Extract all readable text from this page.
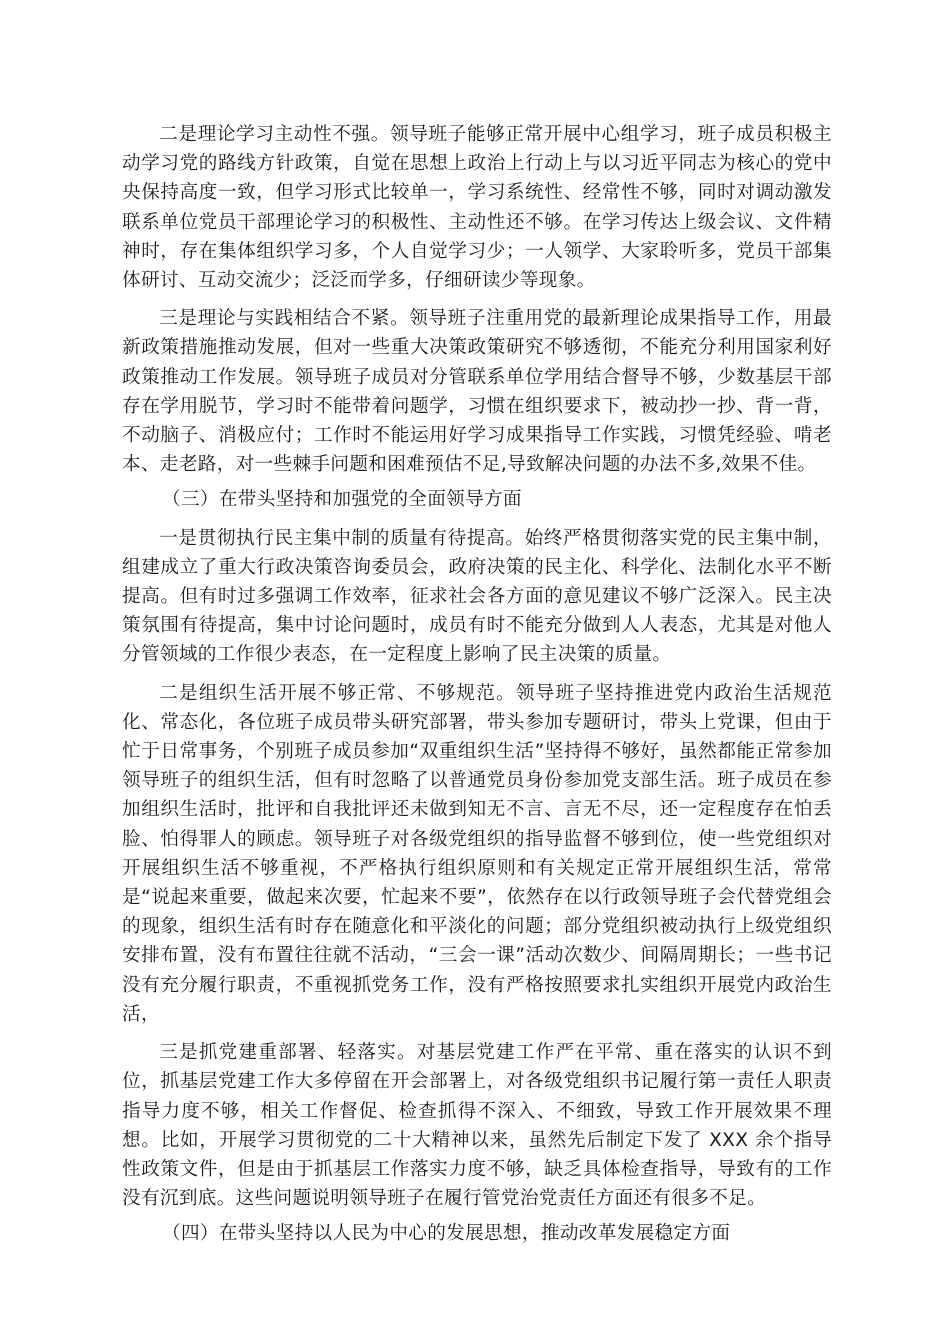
二是理论学习主动性不强。领导班子能够正常开展中心组学习，班子成员积极主动学习党的路线方针政策，自觉在思想上政治上行动上与以习近平同志为核心的党中央保持高度一致，但学习形式比较单一，学习系统性、经常性不够，同时对调动激发联系单位党员干部理论学习的积极性、主动性还不够。在学习传达上级会议、文件精神时，存在集体组织学习多，个人自觉学习少；一人领学、大家聆听多，党员干部集体研讨、互动交流少；泛泛而学多，仔细研读少等现象。

三是理论与实践相结合不紧。领导班子注重用党的最新理论成果指导工作，用最新政策措施推动发展，但对一些重大决策政策研究不够透彻，不能充分利用国家利好政策推动工作发展。领导班子成员对分管联系单位学用结合督导不够，少数基层干部存在学用脱节，学习时不能带着问题学，习惯在组织要求下，被动抄一抄、背一背，不动脑子、消极应付；工作时不能运用好学习成果指导工作实践，习惯凭经验、啃老本、走老路，对一些棘手问题和困难预估不足,导致解决问题的办法不多,效果不佳。

（三）在带头坚持和加强党的全面领导方面

一是贯彻执行民主集中制的质量有待提高。始终严格贯彻落实党的民主集中制，组建成立了重大行政决策咨询委员会，政府决策的民主化、科学化、法制化水平不断提高。但有时过多强调工作效率，征求社会各方面的意见建议不够广泛深入。民主决策氛围有待提高，集中讨论问题时，成员有时不能充分做到人人表态，尤其是对他人分管领域的工作很少表态，在一定程度上影响了民主决策的质量。

二是组织生活开展不够正常、不够规范。领导班子坚持推进党内政治生活规范化、常态化，各位班子成员带头研究部署，带头参加专题研讨，带头上党课，但由于忙于日常事务，个别班子成员参加“双重组织生活”坚持得不够好，虽然都能正常参加领导班子的组织生活，但有时忽略了以普通党员身份参加党支部生活。班子成员在参加组织生活时，批评和自我批评还未做到知无不言、言无不尽，还一定程度存在怕丢脸、怕得罪人的顾虑。领导班子对各级党组织的指导监督不够到位，使一些党组织对开展组织生活不够重视，不严格执行组织原则和有关规定正常开展组织生活，常常是“说起来重要，做起来次要，忙起来不要”，依然存在以行政领导班子会代替党组会的现象，组织生活有时存在随意化和平淡化的问题；部分党组织被动执行上级党组织安排布置，没有布置往往就不活动，“三会一课”活动次数少、间隔周期长；一些书记没有充分履行职责，不重视抓党务工作，没有严格按照要求扎实组织开展党内政治生活，

三是抓党建重部署、轻落实。对基层党建工作严在平常、重在落实的认识不到位，抓基层党建工作大多停留在开会部署上，对各级党组织书记履行第一责任人职责指导力度不够，相关工作督促、检查抓得不深入、不细致，导致工作开展效果不理想。比如，开展学习贯彻党的二十大精神以来，虽然先后制定下发了 XXX 余个指导性政策文件，但是由于抓基层工作落实力度不够，缺乏具体检查指导，导致有的工作没有沉到底。这些问题说明领导班子在履行管党治党责任方面还有很多不足。

（四）在带头坚持以人民为中心的发展思想，推动改革发展稳定方面
